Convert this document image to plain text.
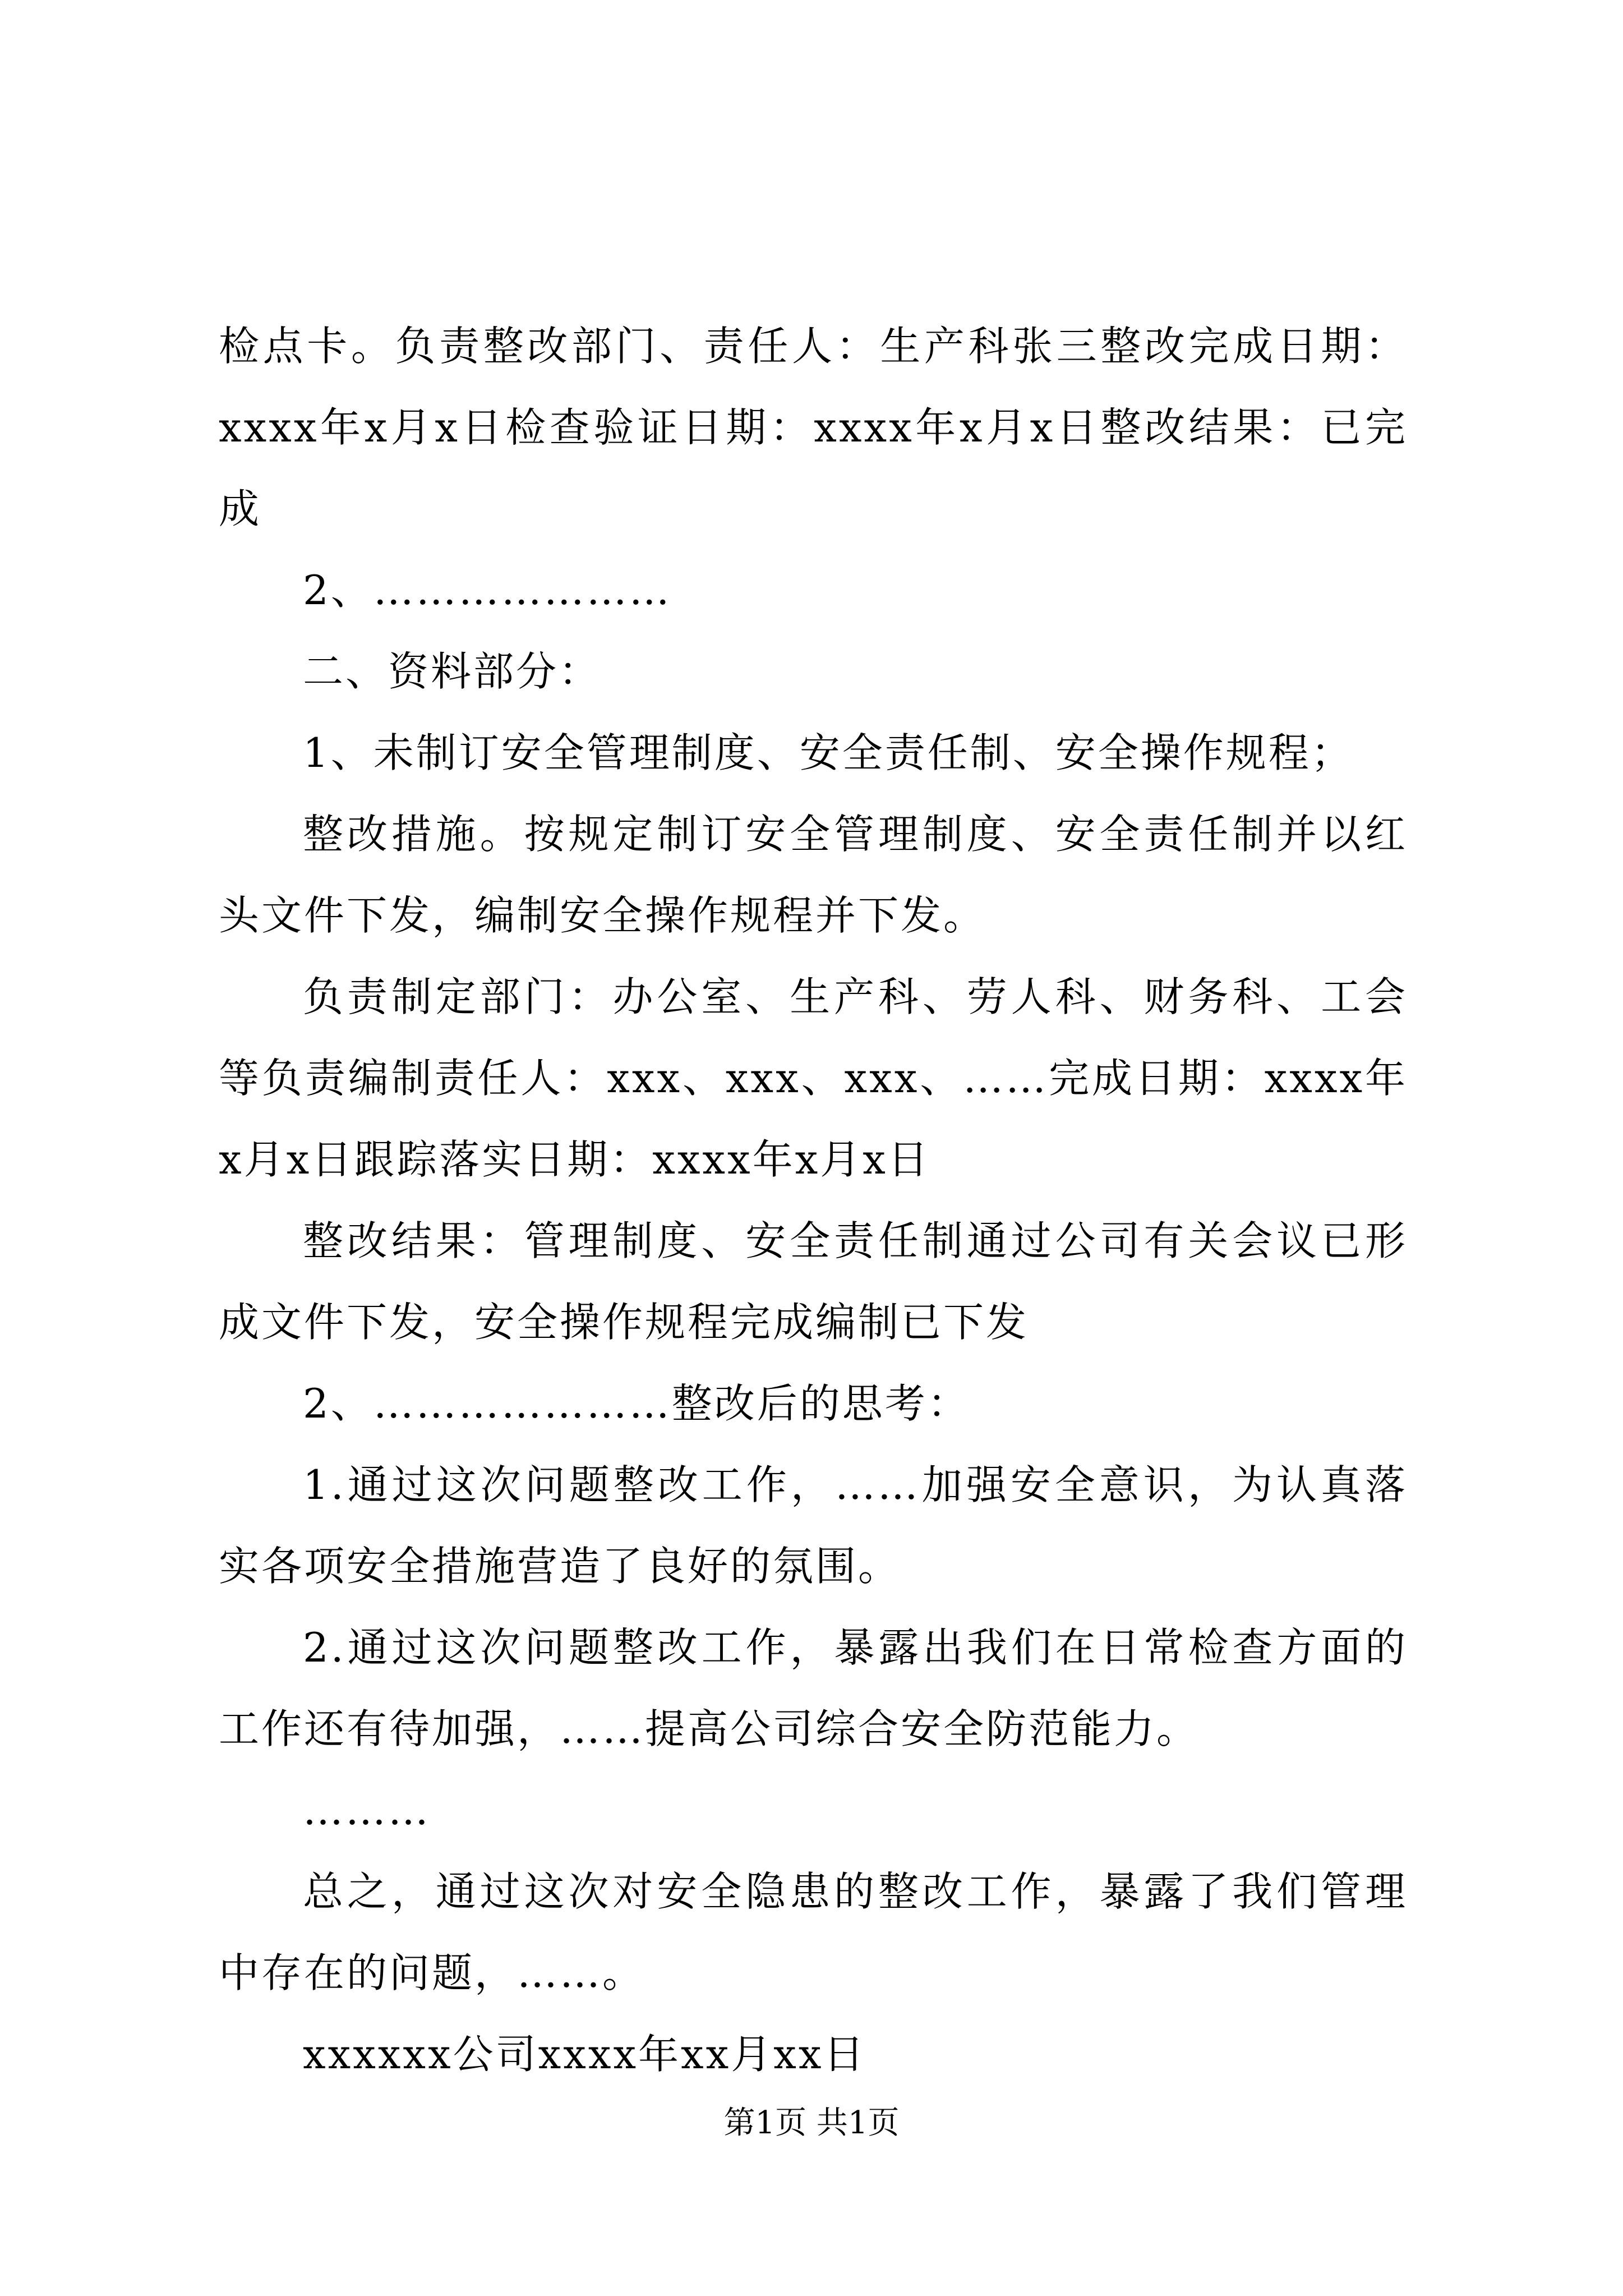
检点卡。负责整改部门、责任人：生产科张三整改完成日期：xxxx年x月x日检查验证日期：xxxx年x月x日整改结果：已完成

2、…………………

二、资料部分：

1、未制订安全管理制度、安全责任制、安全操作规程；

整改措施。按规定制订安全管理制度、安全责任制并以红头文件下发，编制安全操作规程并下发。

负责制定部门：办公室、生产科、劳人科、财务科、工会等负责编制责任人：xxx、xxx、xxx、……完成日期：xxxx年x月x日跟踪落实日期：xxxx年x月x日

整改结果：管理制度、安全责任制通过公司有关会议已形成文件下发，安全操作规程完成编制已下发

2、…………………整改后的思考：

1.通过这次问题整改工作，……加强安全意识，为认真落实各项安全措施营造了良好的氛围。

2.通过这次问题整改工作，暴露出我们在日常检查方面的工作还有待加强，……提高公司综合安全防范能力。

………

总之，通过这次对安全隐患的整改工作，暴露了我们管理中存在的问题，……。

xxxxxx公司xxxx年xx月xx日

第1页 共1页
